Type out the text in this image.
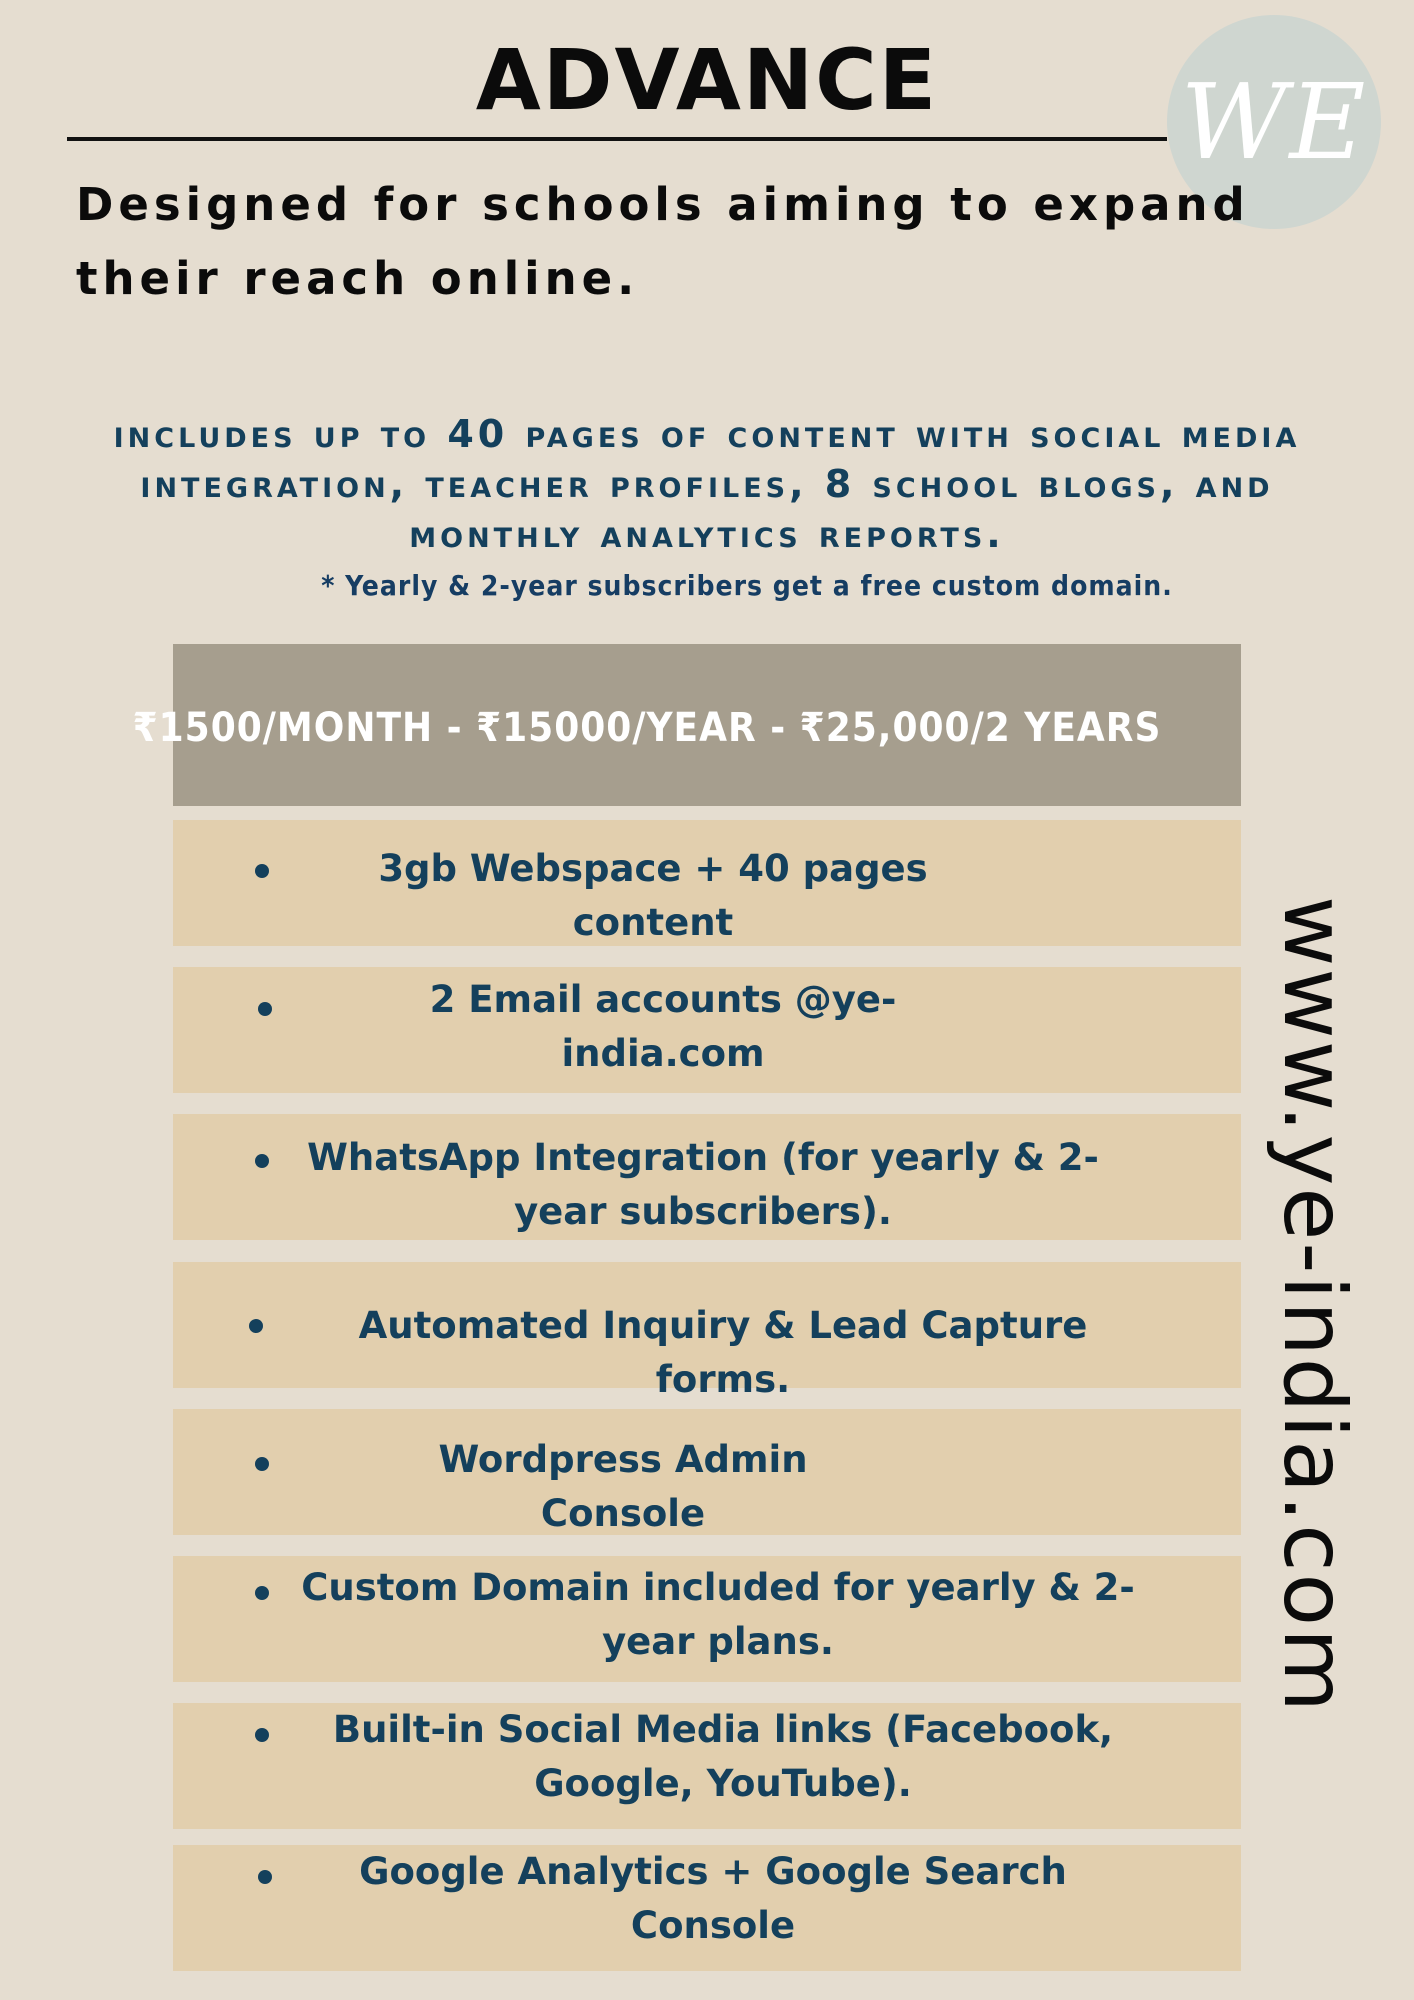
ADVANCE	WE

Designed for schools aiming to expand their reach online.

includes up to 40 pages of content with social media integration, teacher profiles, 8 school blogs, and monthly analytics reports.

* Yearly & 2-year subscribers get a free custom domain.

₹1500/MONTH - ₹15000/YEAR - ₹25,000/2 YEARS
3gb Webspace + 40 pages content
2 Email accounts @ye-india.com
WhatsApp Integration (for yearly & 2-year subscribers).
Automated Inquiry & Lead Capture forms.
Wordpress Admin Console
Custom Domain included for yearly & 2-year plans.
Built-in Social Media links (Facebook, Google, YouTube).
Google Analytics + Google Search Console
www.ye-india.com
